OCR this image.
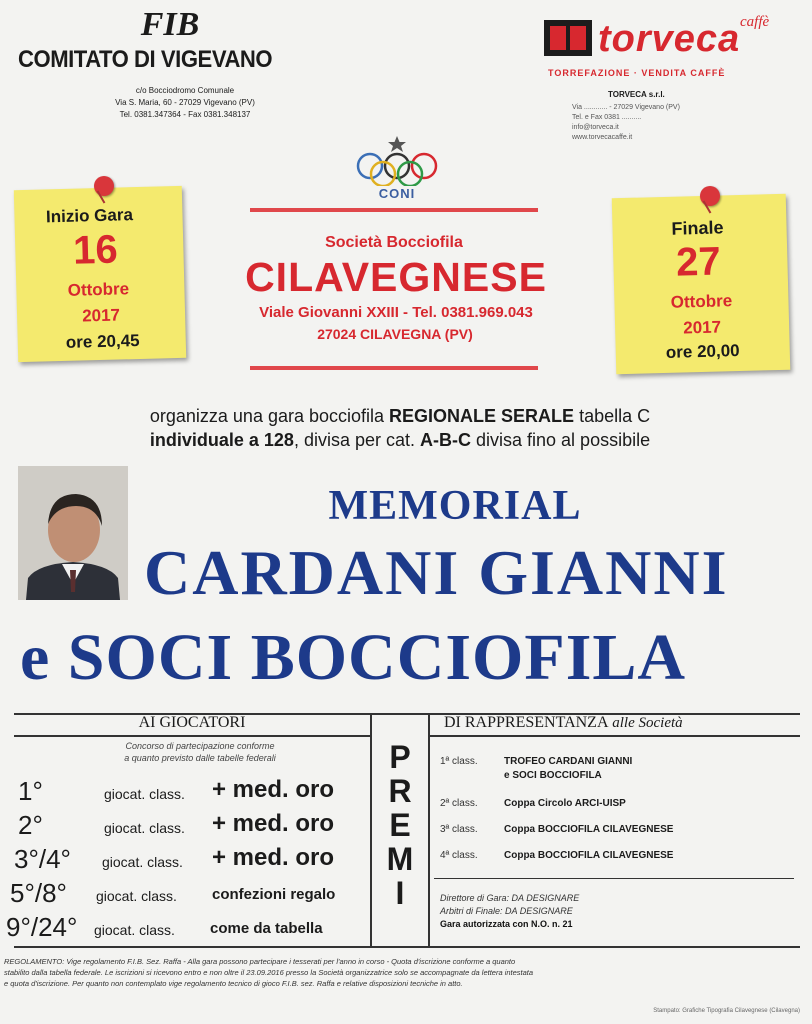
FIB
COMITATO DI VIGEVANO
c/o Bocciodromo Comunale
Via S. Maria, 60 - 27029 Vigevano (PV)
Tel. 0381.347364 - Fax 0381.348137
caffè
torveca
TORREFAZIONE · VENDITA CAFFÈ
TORVECA s.r.l.
Via ............ - 27029 Vigevano (PV)
Tel. e Fax 0381 ..........
info@torveca.it
www.torvecacaffe.it
CONI
Inizio Gara
16
Ottobre
2017
ore 20,45
Finale
27
Ottobre
2017
ore 20,00
Società Bocciofila
CILAVEGNESE
Viale Giovanni XXIII - Tel. 0381.969.043
27024 CILAVEGNA (PV)
organizza una gara bocciofila REGIONALE SERALE tabella C
individuale a 128, divisa per cat. A-B-C divisa fino al possibile
MEMORIAL
CARDANI GIANNI
e SOCI BOCCIOFILA
AI GIOCATORI
Concorso di partecipazione conforme
a quanto previsto dalle tabelle federali
1°	giocat. class. + med. oro
2°	giocat. class. + med. oro
3°/4° giocat. class. + med. oro
5°/8° giocat. class. confezioni regalo
9°/24° giocat. class. come da tabella
P
R
E
M
I
DI RAPPRESENTANZA alle Società
1ª class.	TROFEO CARDANI GIANNI
e SOCI BOCCIOFILA
2ª class.	Coppa Circolo ARCI-UISP
3ª class.	Coppa BOCCIOFILA CILAVEGNESE
4ª class.	Coppa BOCCIOFILA CILAVEGNESE
Direttore di Gara: DA DESIGNARE
Arbitri di Finale: DA DESIGNARE
Gara autorizzata con N.O. n. 21
REGOLAMENTO: Vige regolamento F.I.B. Sez. Raffa - Alla gara possono partecipare i tesserati per l'anno in corso - Quota d'iscrizione conforme a quanto
stabilito dalla tabella federale. Le iscrizioni si ricevono entro e non oltre il 23.09.2016 presso la Società organizzatrice solo se accompagnate da lettera intestata
e quota d'iscrizione. Per quanto non contemplato vige regolamento tecnico di gioco F.I.B. sez. Raffa e relative disposizioni tecniche in atto.
Stampato: Grafiche Tipografia Cilavegnese (Cilavegna)
